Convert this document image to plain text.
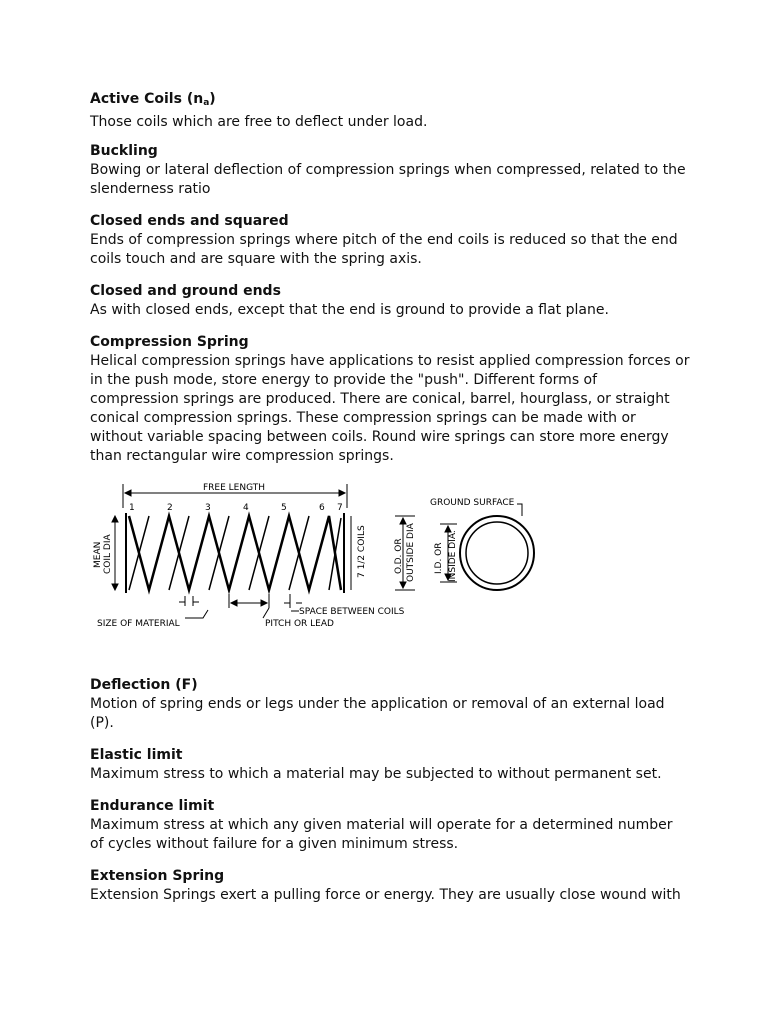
Active Coils $(n_a)$

Those coils which are free to deflect under load.

Buckling

Bowing or lateral deflection of compression springs when compressed, related to the slenderness ratio

Closed ends and squared

Ends of compression springs where pitch of the end coils is reduced so that the end coils touch and are square with the spring axis.

Closed and ground ends

As with closed ends, except that the end is ground to provide a flat plane.

Compression Spring

Helical compression springs have applications to resist applied compression forces or in the push mode, store energy to provide the "push". Different forms of compression springs are produced. There are conical, barrel, hourglass, or straight conical compression springs. These compression springs can be made with or without variable spacing between coils. Round wire springs can store more energy than rectangular wire compression springs.

FREE LENGTH
1	2	3	4	5	6 7
MEAN COIL DIA	7 1/2 COILS
SIZE OF MATERIAL	PITCH OR LEAD
SPACE BETWEEN COILS
GROUND SURFACE
O.D. OR OUTSIDE DIA I.D. OR INSIDE DIA.
Deflection (F)

Motion of spring ends or legs under the application or removal of an external load (P).

Elastic limit

Maximum stress to which a material may be subjected to without permanent set.

Endurance limit

Maximum stress at which any given material will operate for a determined number of cycles without failure for a given minimum stress.

Extension Spring

Extension Springs exert a pulling force or energy. They are usually close wound with
